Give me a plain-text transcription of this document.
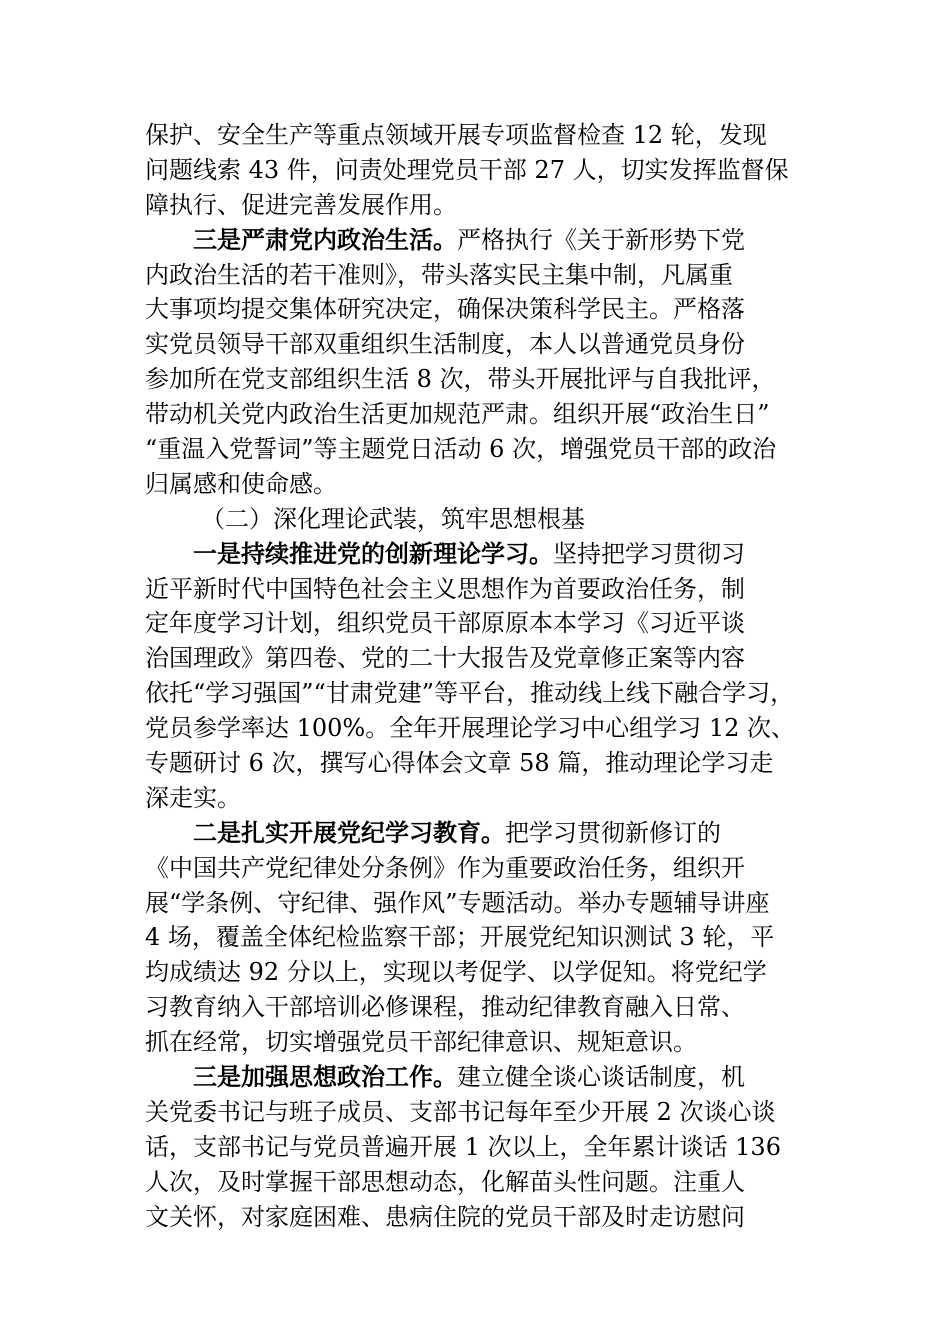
保护、安全生产等重点领域开展专项监督检查 12 轮，发现
问题线索 43 件，问责处理党员干部 27 人，切实发挥监督保
障执行、促进完善发展作用。
三是严肃党内政治生活。严格执行《关于新形势下党
内政治生活的若干准则》，带头落实民主集中制，凡属重
大事项均提交集体研究决定，确保决策科学民主。严格落
实党员领导干部双重组织生活制度，本人以普通党员身份
参加所在党支部组织生活 8 次，带头开展批评与自我批评，
带动机关党内政治生活更加规范严肃。组织开展“政治生日”
“重温入党誓词”等主题党日活动 6 次，增强党员干部的政治
归属感和使命感。
（二）深化理论武装，筑牢思想根基
一是持续推进党的创新理论学习。坚持把学习贯彻习
近平新时代中国特色社会主义思想作为首要政治任务，制
定年度学习计划，组织党员干部原原本本学习《习近平谈
治国理政》第四卷、党的二十大报告及党章修正案等内容
依托“学习强国”“甘肃党建”等平台，推动线上线下融合学习，
党员参学率达 100%。全年开展理论学习中心组学习 12 次、
专题研讨 6 次，撰写心得体会文章 58 篇，推动理论学习走
深走实。
二是扎实开展党纪学习教育。把学习贯彻新修订的
《中国共产党纪律处分条例》作为重要政治任务，组织开
展“学条例、守纪律、强作风”专题活动。举办专题辅导讲座
4 场，覆盖全体纪检监察干部；开展党纪知识测试 3 轮，平
均成绩达 92 分以上，实现以考促学、以学促知。将党纪学
习教育纳入干部培训必修课程，推动纪律教育融入日常、
抓在经常，切实增强党员干部纪律意识、规矩意识。
三是加强思想政治工作。建立健全谈心谈话制度，机
关党委书记与班子成员、支部书记每年至少开展 2 次谈心谈
话，支部书记与党员普遍开展 1 次以上，全年累计谈话 136
人次，及时掌握干部思想动态，化解苗头性问题。注重人
文关怀，对家庭困难、患病住院的党员干部及时走访慰问
